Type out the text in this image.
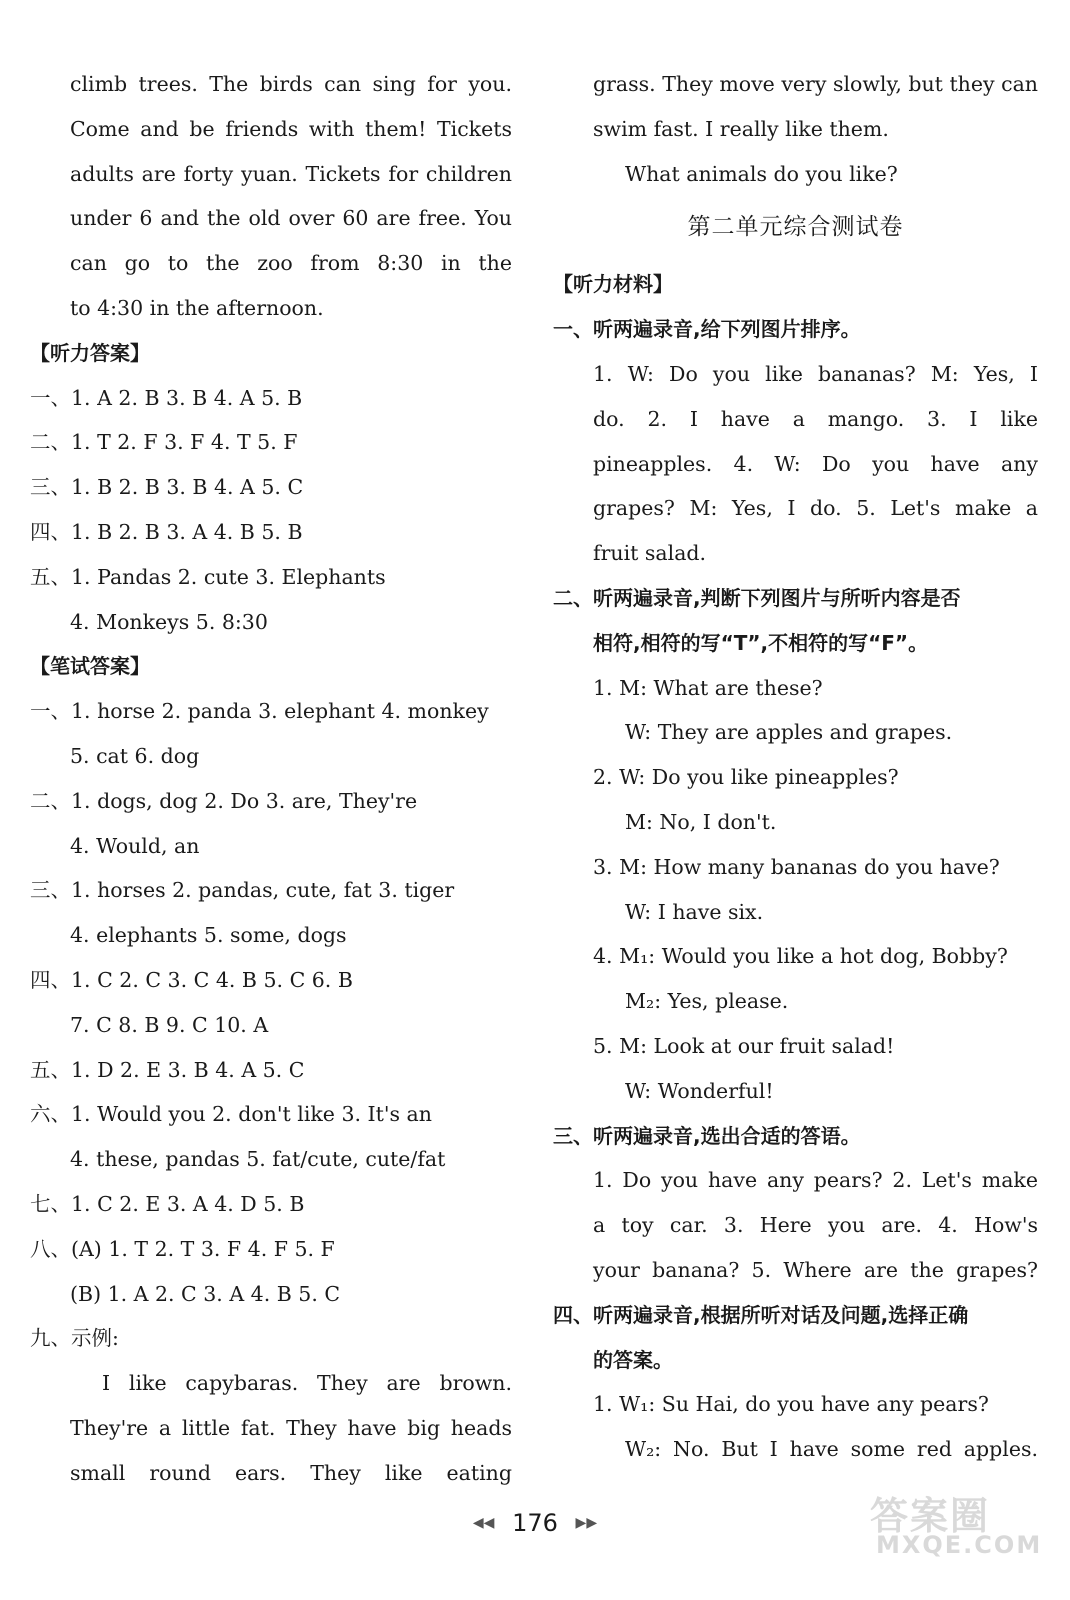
climb trees. The birds can sing for you.
Come and be friends with them! Tickets
adults are forty yuan. Tickets for children
under 6 and the old over 60 are free. You
can go to the zoo from 8:30 in the
to 4:30 in the afternoon.
【听力答案】
一、1. A 2. B 3. B 4. A 5. B
二、1. T 2. F 3. F 4. T 5. F
三、1. B 2. B 3. B 4. A 5. C
四、1. B 2. B 3. A 4. B 5. B
五、1. Pandas 2. cute 3. Elephants
4. Monkeys 5. 8:30
【笔试答案】
一、1. horse 2. panda 3. elephant 4. monkey
5. cat 6. dog
二、1. dogs, dog 2. Do 3. are, They're
4. Would, an
三、1. horses 2. pandas, cute, fat 3. tiger
4. elephants 5. some, dogs
四、1. C 2. C 3. C 4. B 5. C 6. B
7. C 8. B 9. C 10. A
五、1. D 2. E 3. B 4. A 5. C
六、1. Would you 2. don't like 3. It's an
4. these, pandas 5. fat/cute, cute/fat
七、1. C 2. E 3. A 4. D 5. B
八、(A) 1. T 2. T 3. F 4. F 5. F
(B) 1. A 2. C 3. A 4. B 5. C
九、示例:
I like capybaras. They are brown.
They're a little fat. They have big heads
small round ears. They like eating
grass. They move very slowly, but they can
swim fast. I really like them.
What animals do you like?
第二单元综合测试卷
【听力材料】
一、听两遍录音,给下列图片排序。
1. W: Do you like bananas? M: Yes, I
do. 2. I have a mango. 3. I like
pineapples. 4. W: Do you have any
grapes? M: Yes, I do. 5. Let's make a
fruit salad.
二、听两遍录音,判断下列图片与所听内容是否
相符,相符的写“T”,不相符的写“F”。
1. M: What are these?
W: They are apples and grapes.
2. W: Do you like pineapples?
M: No, I don't.
3. M: How many bananas do you have?
W: I have six.
4. M₁: Would you like a hot dog, Bobby?
M₂: Yes, please.
5. M: Look at our fruit salad!
W: Wonderful!
三、听两遍录音,选出合适的答语。
1. Do you have any pears? 2. Let's make
a toy car. 3. Here you are. 4. How's
your banana? 5. Where are the grapes?
四、听两遍录音,根据所听对话及问题,选择正确
的答案。
1. W₁: Su Hai, do you have any pears?
W₂: No. But I have some red apples.
◀◀ 176 ▶▶	答案圈
MXQE.COM
